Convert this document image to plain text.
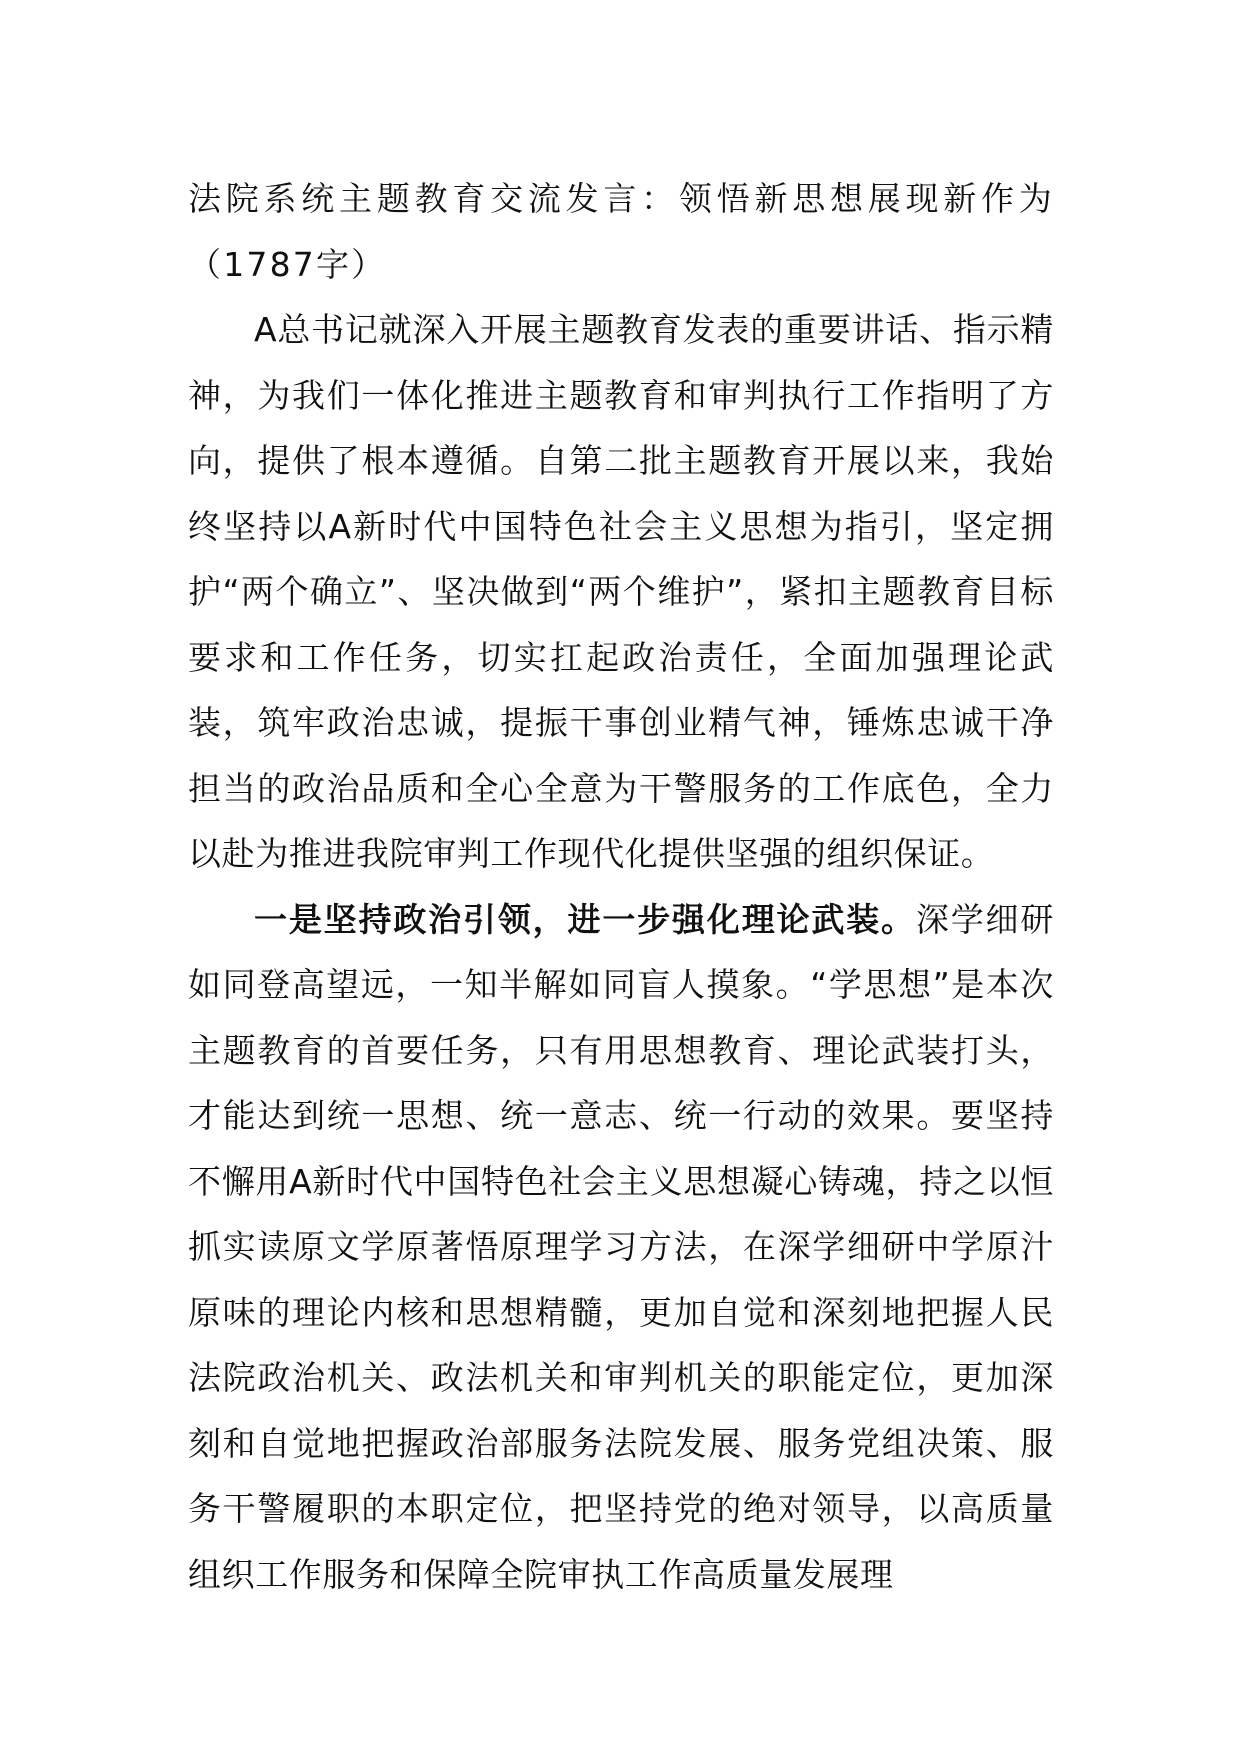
法院系统主题教育交流发言：领悟新思想展现新作为（1787字）

A总书记就深入开展主题教育发表的重要讲话、指示精神，为我们一体化推进主题教育和审判执行工作指明了方向，提供了根本遵循。自第二批主题教育开展以来，我始终坚持以A新时代中国特色社会主义思想为指引，坚定拥护“两个确立”、坚决做到“两个维护”，紧扣主题教育目标要求和工作任务，切实扛起政治责任，全面加强理论武装，筑牢政治忠诚，提振干事创业精气神，锤炼忠诚干净担当的政治品质和全心全意为干警服务的工作底色，全力以赴为推进我院审判工作现代化提供坚强的组织保证。

一是坚持政治引领，进一步强化理论武装。深学细研如同登高望远，一知半解如同盲人摸象。“学思想”是本次主题教育的首要任务，只有用思想教育、理论武装打头，才能达到统一思想、统一意志、统一行动的效果。要坚持不懈用A新时代中国特色社会主义思想凝心铸魂，持之以恒抓实读原文学原著悟原理学习方法，在深学细研中学原汁原味的理论内核和思想精髓，更加自觉和深刻地把握人民法院政治机关、政法机关和审判机关的职能定位，更加深刻和自觉地把握政治部服务法院发展、服务党组决策、服务干警履职的本职定位，把坚持党的绝对领导，以高质量组织工作服务和保障全院审执工作高质量发展理
